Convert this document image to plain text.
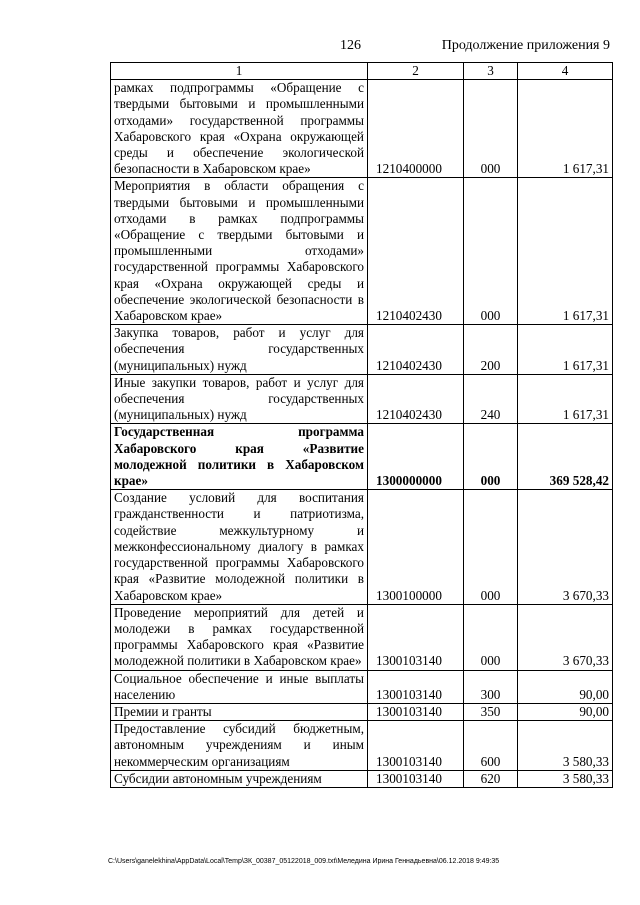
126	Продолжение приложения 9
1	2	3	4
рамках подпрограммы «Обращение с твердыми бытовыми и промышленными отходами» государственной программы Хабаровского края «Охрана окружающей среды и обеспечение экологической безопасности в Хабаровском крае»	1210400000	000	1 617,31
Мероприятия в области обращения с твердыми бытовыми и промышленными отходами в рамках подпрограммы «Обращение с твердыми бытовыми и промышленными отходами» государственной программы Хабаровского края «Охрана окружающей среды и обеспечение экологической безопасности в Хабаровском крае»	1210402430	000	1 617,31
Закупка товаров, работ и услуг для обеспечения государственных (муниципальных) нужд	1210402430	200	1 617,31
Иные закупки товаров, работ и услуг для обеспечения государственных (муниципальных) нужд	1210402430	240	1 617,31
Государственная программа Хабаровского края «Развитие молодежной политики в Хабаровском крае»	1300000000	000	369 528,42
Создание условий для воспитания гражданственности и патриотизма, содействие межкультурному и межконфессиональному диалогу в рамках государственной программы Хабаровского края «Развитие молодежной политики в Хабаровском крае»	1300100000	000	3 670,33
Проведение мероприятий для детей и молодежи в рамках государственной программы Хабаровского края «Развитие молодежной политики в Хабаровском крае»	1300103140	000	3 670,33
Социальное обеспечение и иные выплаты населению	1300103140	300	90,00
Премии и гранты	1300103140	350	90,00
Предоставление субсидий бюджетным, автономным учреждениям и иным некоммерческим организациям	1300103140	600	3 580,33
Субсидии автономным учреждениям	1300103140	620	3 580,33
C:\Users\ganelekhina\AppData\Local\Temp\ЗК_00387_05122018_009.txt\Меледина Ирина Геннадьевна\06.12.2018 9:49:35
